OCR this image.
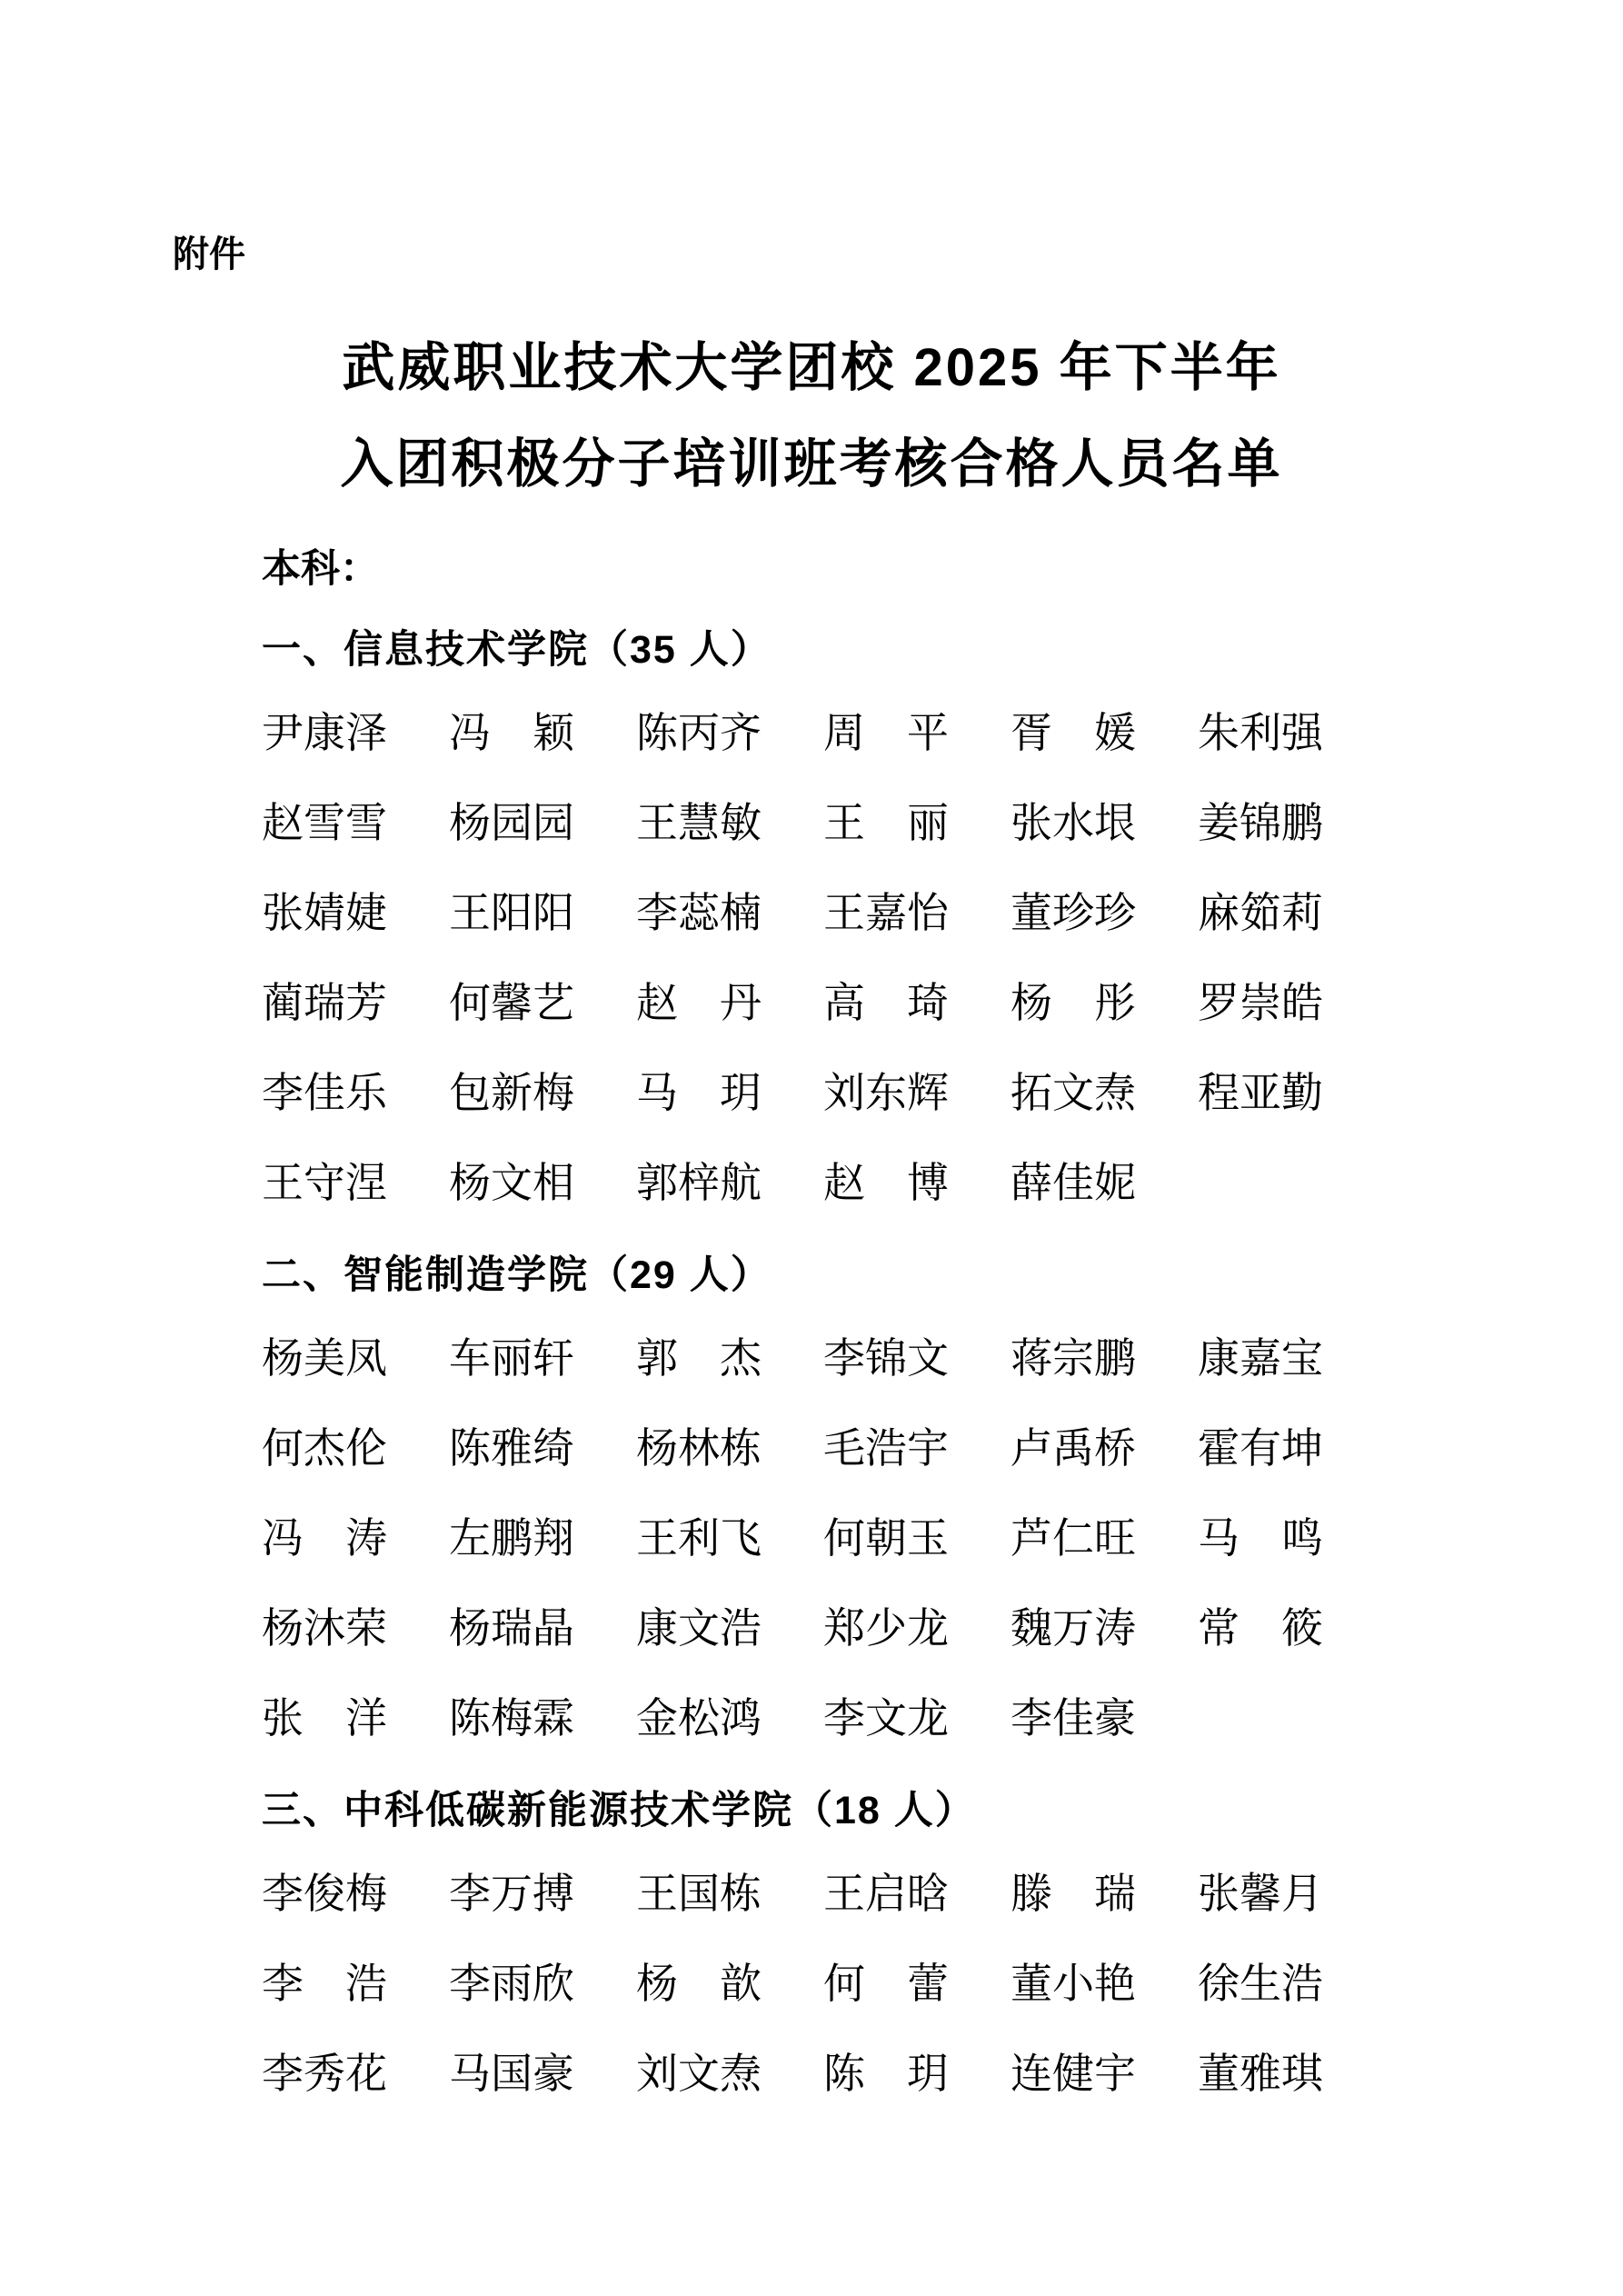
附件

武威职业技术大学团校 2025 年下半年
入团积极分子培训班考核合格人员名单

本科：

一、信息技术学院（35 人）
尹康泽 冯　颖 陈丙齐 周　平 胥　媛 朱利强
赵雪雪 杨园园 王慧敏 王　丽 张水垠 姜锦鹏
张婧婕 王阳阳 李蕊楠 王嘉怡 董珍珍 麻筎莉
蔺瑞芳 何馨艺 赵　丹 高　琦 杨　彤 罗崇皓
李佳乐 包新梅 马　玥 刘东辉 拓文焘 程亚勤
王守涅 杨文相 郭梓航 赵　博 薛佳妮
二、智能制造学院（29 人）
杨美凤 车丽轩 郭　杰 李锦文 蒋宗鹏 康嘉宝
何杰伦 陈雅绮 杨林栋 毛浩宇 卢禹桥 霍有坤
冯　涛 左鹏翔 王利飞 何朝玉 芦仁旺 马　鸣
杨沐荣 杨瑞晶 康文浩 郑少龙 魏万涛 常　筱
张　洋 陈梅霖 金松鸿 李文龙 李佳豪
三、中科低碳新能源技术学院（18 人）
李俊梅 李万搏 王国栋 王启晗 滕　瑞 张馨月
李　浩 李雨欣 杨　歆 何　蕾 董小艳 徐生浩
李秀花 马国豪 刘文焘 陈　玥 连健宇 董雅琪
